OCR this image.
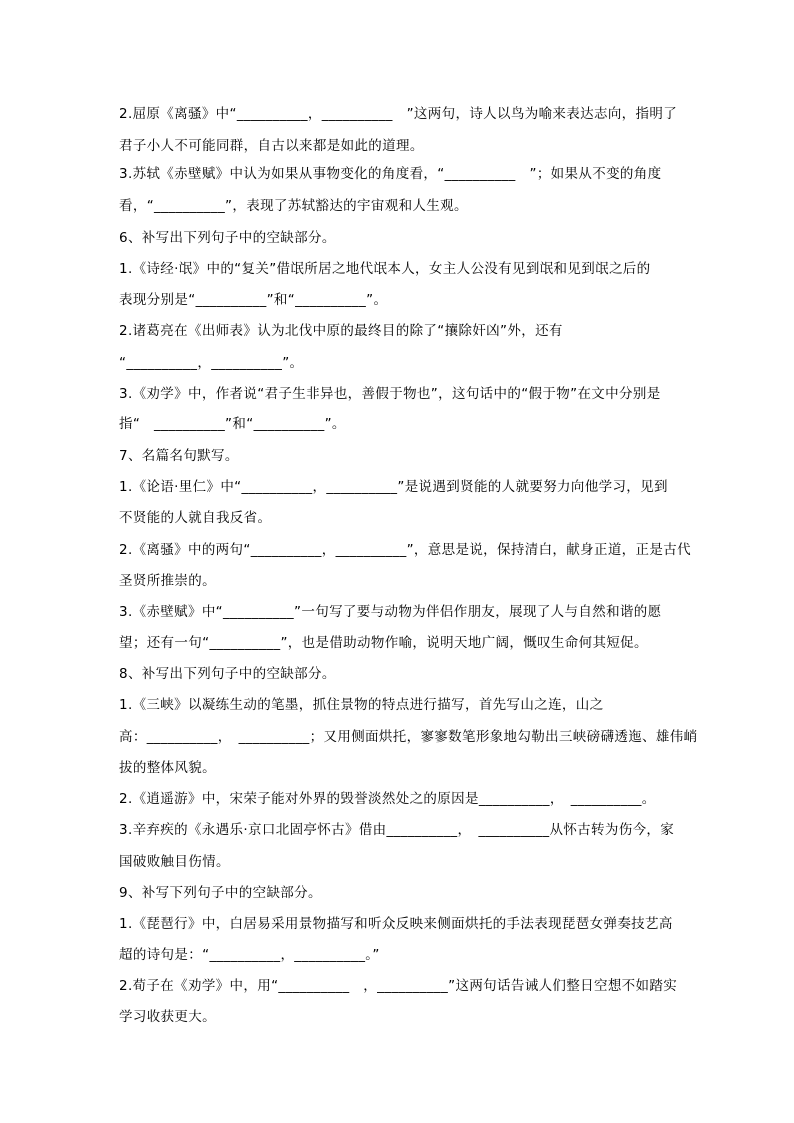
2.屈原《离骚》中“__________，__________　”这两句，诗人以鸟为喻来表达志向，指明了
君子小人不可能同群，自古以来都是如此的道理。
3.苏轼《赤壁赋》中认为如果从事物变化的角度看，“__________　”；如果从不变的角度
看，“__________”，表现了苏轼豁达的宇宙观和人生观。
6、补写出下列句子中的空缺部分。
1.《诗经·氓》中的“复关”借氓所居之地代氓本人，女主人公没有见到氓和见到氓之后的
表现分别是“__________”和“__________”。
2.诸葛亮在《出师表》认为北伐中原的最终目的除了“攘除奸凶”外，还有
“__________，__________”。
3.《劝学》中，作者说“君子生非异也，善假于物也”，这句话中的“假于物”在文中分别是
指“　__________”和“__________”。
7、名篇名句默写。
1.《论语·里仁》中“__________，__________”是说遇到贤能的人就要努力向他学习，见到
不贤能的人就自我反省。
2.《离骚》中的两句“__________，__________”，意思是说，保持清白，献身正道，正是古代
圣贤所推崇的。
3.《赤壁赋》中“__________”一句写了要与动物为伴侣作朋友，展现了人与自然和谐的愿
望；还有一句“__________”，也是借助动物作喻，说明天地广阔，慨叹生命何其短促。
8、补写出下列句子中的空缺部分。
1.《三峡》以凝练生动的笔墨，抓住景物的特点进行描写，首先写山之连，山之
高：__________，　__________；又用侧面烘托，寥寥数笔形象地勾勒出三峡磅礴透迤、雄伟峭
拔的整体风貌。
2.《逍遥游》中，宋荣子能对外界的毁誉淡然处之的原因是__________，　__________。
3.辛弃疾的《永遇乐·京口北固亭怀古》借由__________，　__________从怀古转为伤今，家
国破败触目伤情。
9、补写下列句子中的空缺部分。
1.《琵琶行》中，白居易采用景物描写和听众反映来侧面烘托的手法表现琵琶女弹奏技艺高
超的诗句是：“__________，__________。”
2.荀子在《劝学》中，用“__________　，__________”这两句话告诫人们整日空想不如踏实
学习收获更大。
